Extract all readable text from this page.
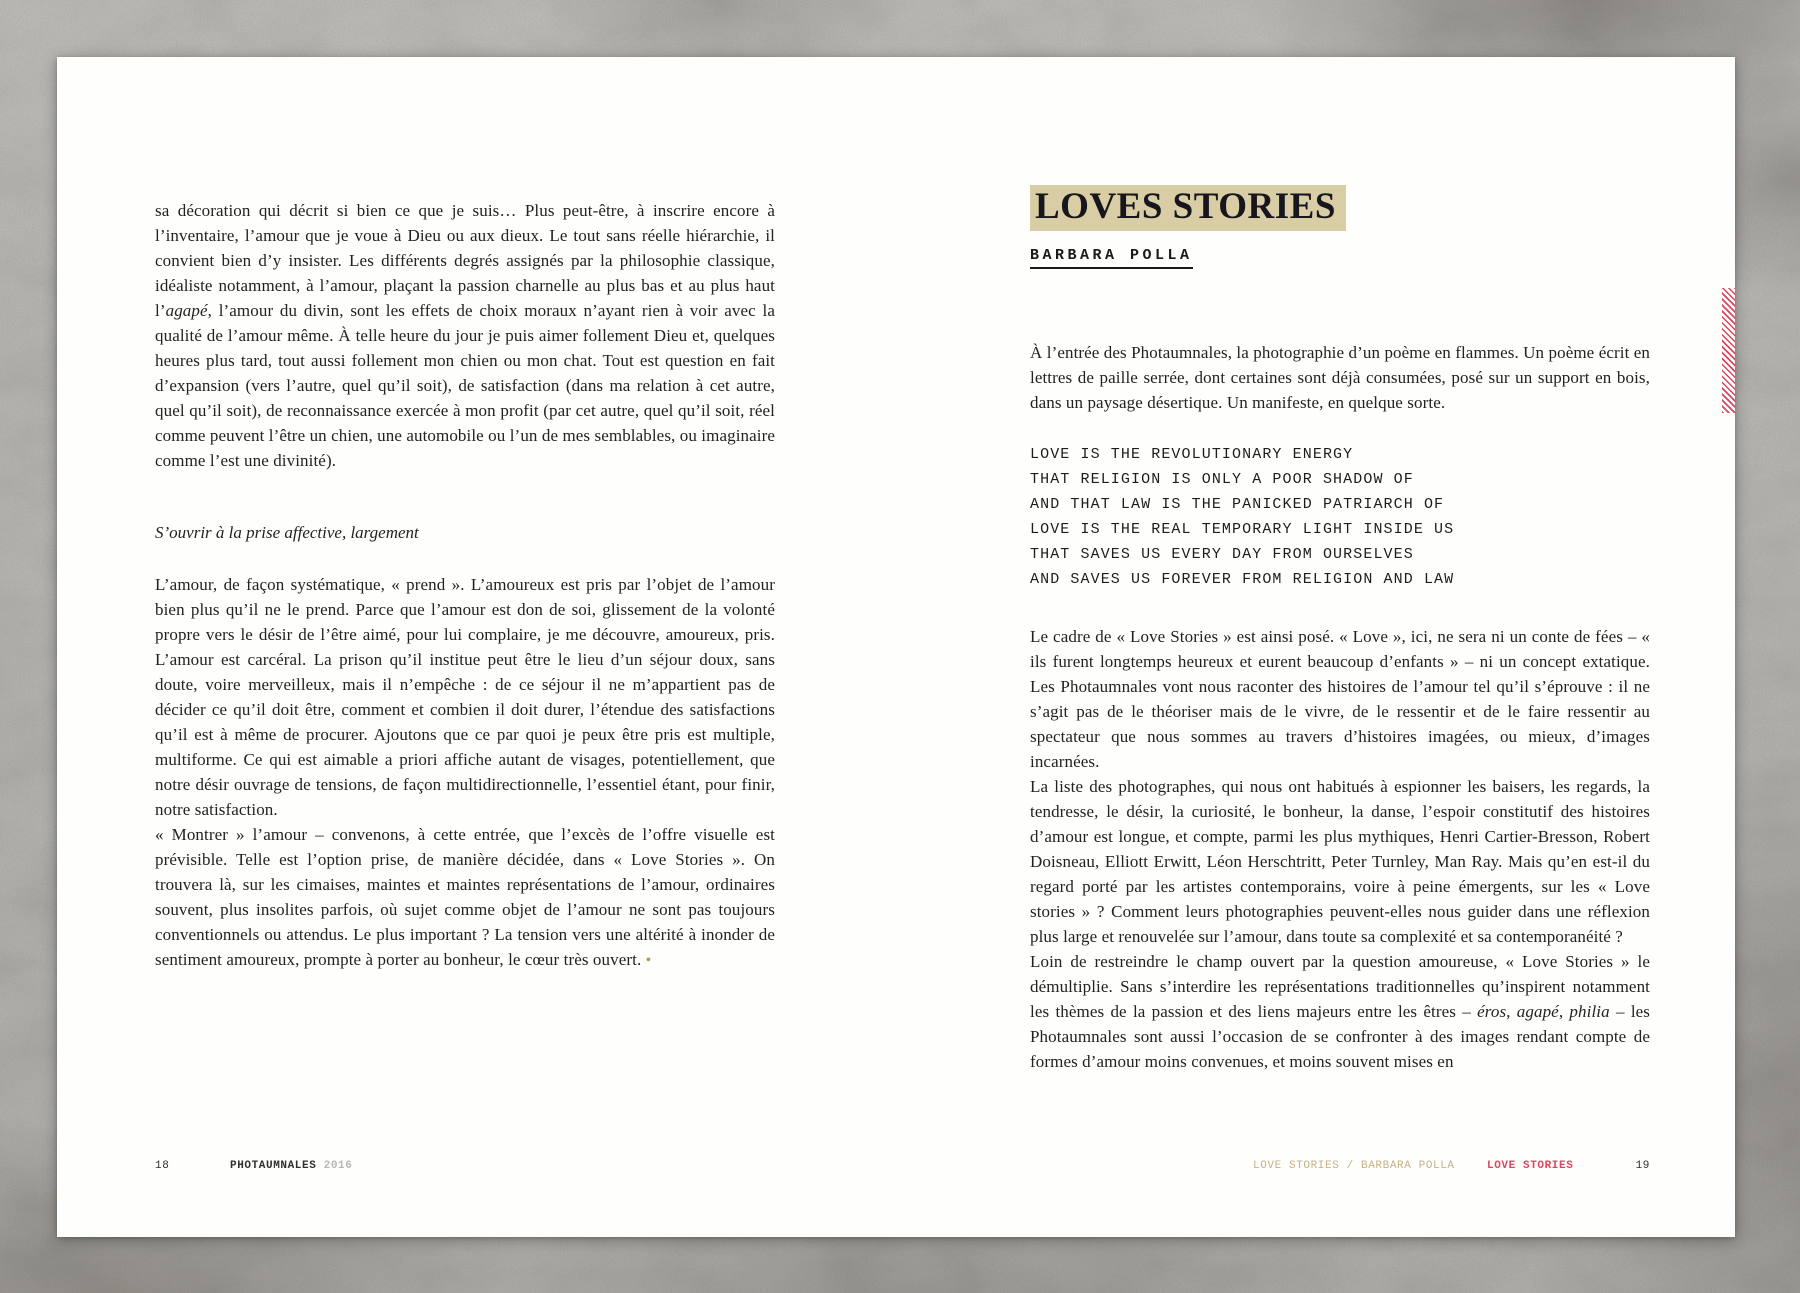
sa décoration qui décrit si bien ce que je suis… Plus peut-être, à inscrire encore à l’inventaire, l’amour que je voue à Dieu ou aux dieux. Le tout sans réelle hiérarchie, il convient bien d’y insister. Les différents degrés assignés par la philosophie classique, idéaliste notamment, à l’amour, plaçant la passion charnelle au plus bas et au plus haut l’agapé, l’amour du divin, sont les effets de choix moraux n’ayant rien à voir avec la qualité de l’amour même. À telle heure du jour je puis aimer follement Dieu et, quelques heures plus tard, tout aussi follement mon chien ou mon chat. Tout est question en fait d’expansion (vers l’autre, quel qu’il soit), de satisfaction (dans ma relation à cet autre, quel qu’il soit), de reconnaissance exercée à mon profit (par cet autre, quel qu’il soit, réel comme peuvent l’être un chien, une automobile ou l’un de mes semblables, ou imaginaire comme l’est une divinité).

S’ouvrir à la prise affective, largement

L’amour, de façon systématique, « prend ». L’amoureux est pris par l’objet de l’amour bien plus qu’il ne le prend. Parce que l’amour est don de soi, glissement de la volonté propre vers le désir de l’être aimé, pour lui complaire, je me découvre, amoureux, pris. L’amour est carcéral. La prison qu’il institue peut être le lieu d’un séjour doux, sans doute, voire merveilleux, mais il n’empêche : de ce séjour il ne m’appartient pas de décider ce qu’il doit être, comment et combien il doit durer, l’étendue des satisfactions qu’il est à même de procurer. Ajoutons que ce par quoi je peux être pris est multiple, multiforme. Ce qui est aimable a priori affiche autant de visages, potentiellement, que notre désir ouvrage de tensions, de façon multidirectionnelle, l’essentiel étant, pour finir, notre satisfaction.

« Montrer » l’amour – convenons, à cette entrée, que l’excès de l’offre visuelle est prévisible. Telle est l’option prise, de manière décidée, dans « Love Stories ». On trouvera là, sur les cimaises, maintes et maintes représentations de l’amour, ordinaires souvent, plus insolites parfois, où sujet comme objet de l’amour ne sont pas toujours conventionnels ou attendus. Le plus important ? La tension vers une altérité à inonder de sentiment amoureux, prompte à porter au bonheur, le cœur très ouvert. •

LOVES STORIES
BARBARA POLLA

À l’entrée des Photaumnales, la photographie d’un poème en flammes. Un poème écrit en lettres de paille serrée, dont certaines sont déjà consumées, posé sur un support en bois, dans un paysage désertique. Un manifeste, en quelque sorte.

LOVE IS THE REVOLUTIONARY ENERGY
THAT RELIGION IS ONLY A POOR SHADOW OF
AND THAT LAW IS THE PANICKED PATRIARCH OF
LOVE IS THE REAL TEMPORARY LIGHT INSIDE US
THAT SAVES US EVERY DAY FROM OURSELVES
AND SAVES US FOREVER FROM RELIGION AND LAW

Le cadre de « Love Stories » est ainsi posé. « Love », ici, ne sera ni un conte de fées – « ils furent longtemps heureux et eurent beaucoup d’enfants » – ni un concept extatique. Les Photaumnales vont nous raconter des histoires de l’amour tel qu’il s’éprouve : il ne s’agit pas de le théoriser mais de le vivre, de le ressentir et de le faire ressentir au spectateur que nous sommes au travers d’histoires imagées, ou mieux, d’images incarnées.

La liste des photographes, qui nous ont habitués à espionner les baisers, les regards, la tendresse, le désir, la curiosité, le bonheur, la danse, l’espoir constitutif des histoires d’amour est longue, et compte, parmi les plus mythiques, Henri Cartier-Bresson, Robert Doisneau, Elliott Erwitt, Léon Herschtritt, Peter Turnley, Man Ray. Mais qu’en est-il du regard porté par les artistes contemporains, voire à peine émergents, sur les « Love stories » ? Comment leurs photographies peuvent-elles nous guider dans une réflexion plus large et renouvelée sur l’amour, dans toute sa complexité et sa contemporanéité ?

Loin de restreindre le champ ouvert par la question amoureuse, « Love Stories » le démultiplie. Sans s’interdire les représentations traditionnelles qu’inspirent notamment les thèmes de la passion et des liens majeurs entre les êtres – éros, agapé, philia – les Photaumnales sont aussi l’occasion de se confronter à des images rendant compte de formes d’amour moins convenues, et moins souvent mises en

18	PHOTAUMNALES 2016	LOVE STORIES / BARBARA POLLA	LOVE STORIES	19
